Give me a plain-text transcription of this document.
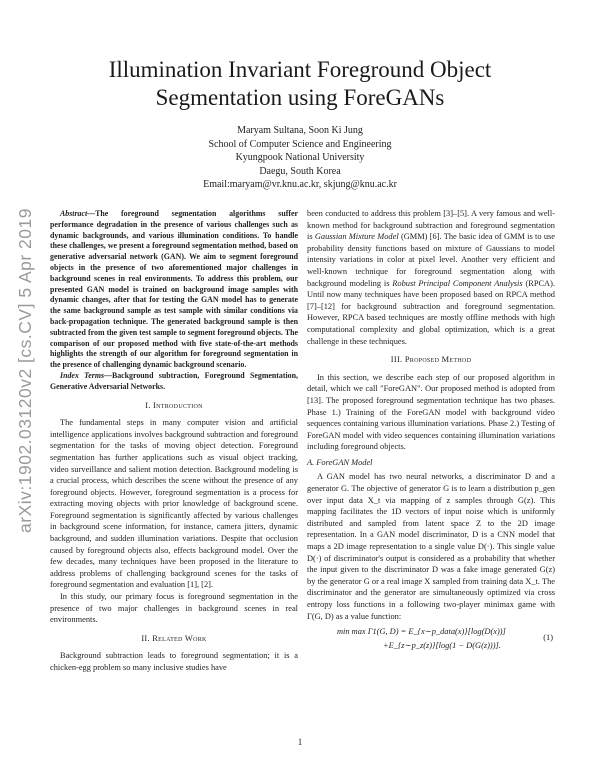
arXiv:1902.03120v2 [cs.CV] 5 Apr 2019
Illumination Invariant Foreground Object
Segmentation using ForeGANs
Maryam Sultana, Soon Ki Jung
School of Computer Science and Engineering
Kyungpook National University
Daegu, South Korea
Email:maryam@vr.knu.ac.kr, skjung@knu.ac.kr

Abstract—The foreground segmentation algorithms suffer performance degradation in the presence of various challenges such as dynamic backgrounds, and various illumination conditions. To handle these challenges, we present a foreground segmentation method, based on generative adversarial network (GAN). We aim to segment foreground objects in the presence of two aforementioned major challenges in background scenes in real environments. To address this problem, our presented GAN model is trained on background image samples with dynamic changes, after that for testing the GAN model has to generate the same background sample as test sample with similar conditions via back-propagation technique. The generated background sample is then subtracted from the given test sample to segment foreground objects. The comparison of our proposed method with five state-of-the-art methods highlights the strength of our algorithm for foreground segmentation in the presence of challenging dynamic background scenario.

Index Terms—Background subtraction, Foreground Segmentation, Generative Adversarial Networks.

I. Introduction

The fundamental steps in many computer vision and artificial intelligence applications involves background subtraction and foreground segmentation for the tasks of moving object detection. Foreground segmentation has further applications such as visual object tracking, video surveillance and salient motion detection. Background modeling is a crucial process, which describes the scene without the presence of any foreground objects. However, foreground segmentation is a process for extracting moving objects with prior knowledge of background scene. Foreground segmentation is significantly affected by various challenges in background scene information, for instance, camera jitters, dynamic background, and sudden illumination variations. Despite that occlusion caused by foreground objects also, effects background model. Over the few decades, many techniques have been proposed in the literature to address problems of challenging background scenes for the tasks of foreground segmentation and evaluation [1], [2].

In this study, our primary focus is foreground segmentation in the presence of two major challenges in background scenes in real environments.

II. Related Work

Background subtraction leads to foreground segmentation; it is a chicken-egg problem so many inclusive studies have

been conducted to address this problem [3]–[5]. A very famous and well-known method for background subtraction and foreground segmentation is Gaussian Mixture Model (GMM) [6]. The basic idea of GMM is to use probability density functions based on mixture of Gaussians to model intensity variations in color at pixel level. Another very efficient and well-known technique for foreground segmentation along with background modeling is Robust Principal Component Analysis (RPCA). Until now many techniques have been proposed based on RPCA method [7]–[12] for background subtraction and foreground segmentation. However, RPCA based techniques are mostly offline methods with high computational complexity and global optimization, which is a great challenge in these techniques.

III. Proposed Method

In this section, we describe each step of our proposed algorithm in detail, which we call "ForeGAN". Our proposed method is adopted from [13]. The proposed foreground segmentation technique has two phases. Phase 1.) Training of the ForeGAN model with background video sequences containing various illumination variations. Phase 2.) Testing of ForeGAN model with video sequences containing illumination variations including foreground objects.

A. ForeGAN Model

A GAN model has two neural networks, a discriminator D and a generator G. The objective of generator G is to learn a distribution p_gen over input data X_t via mapping of z samples through G(z). This mapping facilitates the 1D vectors of input noise which is uniformly distributed and sampled from latent space Z to the 2D image representation. In a GAN model discriminator, D is a CNN model that maps a 2D image representation to a single value D(·). This single value D(·) of discriminator's output is considered as a probability that whether the input given to the discriminator D was a fake image generated G(z) by the generator G or a real image X sampled from training data X_t. The discriminator and the generator are simultaneously optimized via cross entropy loss functions in a following two-player minimax game with Γ(G, D) as a value function:

min max Γ1(G, D) = E_{x∼p_data(x)}[log(D(x))]
+E_{z∼p_z(z)}[log(1 − D(G(z)))].
(1)
1
